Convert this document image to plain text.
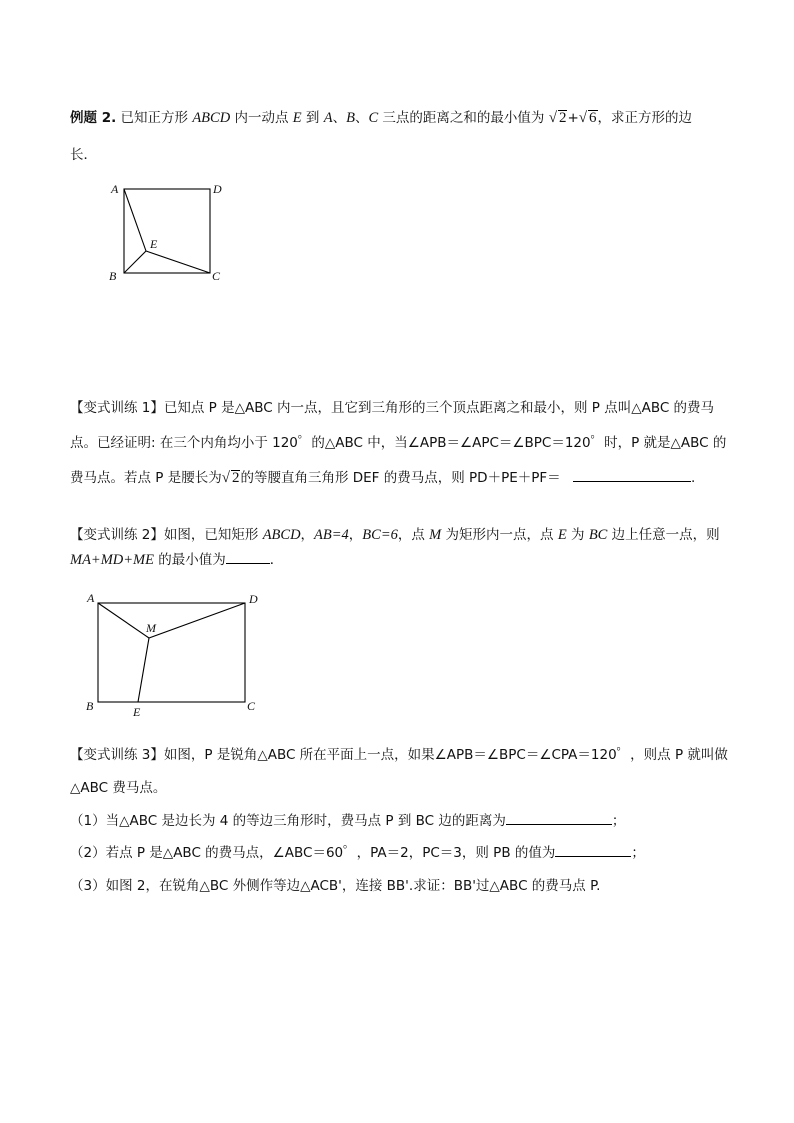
例题 2. 已知正方形 ABCD 内一动点 E 到 A、B、C 三点的距离之和的最小值为 √ 2+√ 6，求正方形的边
长．
A	D
E
B	C
【变式训练 1】已知点 P 是△ABC 内一点，且它到三角形的三个顶点距离之和最小，则 P 点叫△ABC 的费马
点。已经证明: 在三个内角均小于 120゜的△ABC 中，当∠APB＝∠APC＝∠BPC＝120゜时，P 就是△ABC 的
费马点。若点 P 是腰长为√ 2的等腰直角三角形 DEF 的费马点，则 PD＋PE＋PF＝	.
【变式训练 2】如图，已知矩形 ABCD，AB=4，BC=6，点 M 为矩形内一点，点 E 为 BC 边上任意一点，则
MA+MD+ME 的最小值为	．
A	D
M
B	E	C
【变式训练 3】如图，P 是锐角△ABC 所在平面上一点，如果∠APB＝∠BPC＝∠CPA＝120゜，则点 P 就叫做
△ABC 费马点。
（1）当△ABC 是边长为 4 的等边三角形时，费马点 P 到 BC 边的距离为	；
（2）若点 P 是△ABC 的费马点，∠ABC＝60゜，PA＝2，PC＝3，则 PB 的值为	；
（3）如图 2，在锐角△BC 外侧作等边△ACB'，连接 BB'.求证：BB'过△ABC 的费马点 P.
